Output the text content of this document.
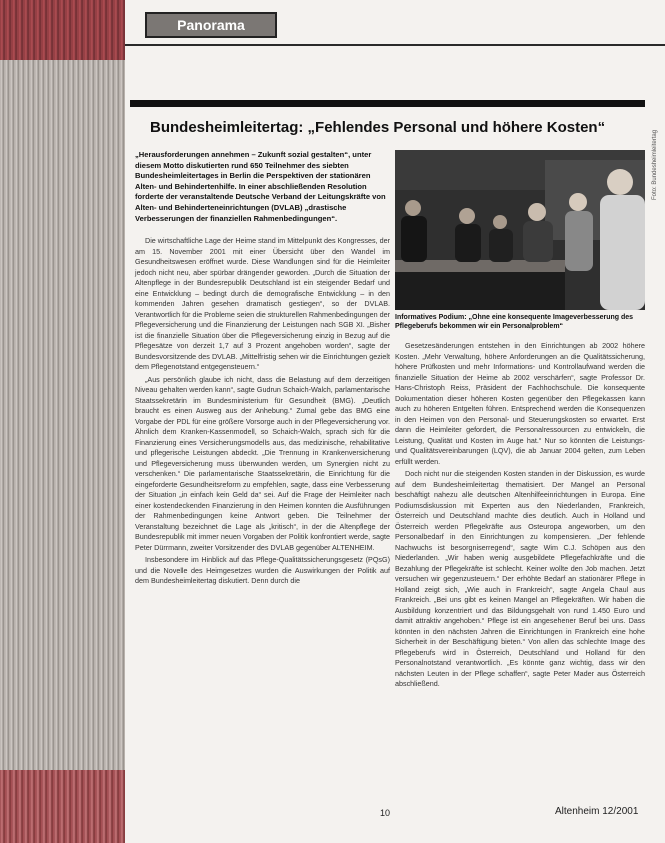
Panorama
Bundesheimleitertag: „Fehlendes Personal und höhere Kosten“

„Herausforderungen annehmen – Zukunft sozial gestalten“, unter diesem Motto diskutierten rund 650 Teilnehmer des siebten Bundesheimleitertages in Berlin die Perspektiven der stationären Alten- und Behindertenhilfe. In einer abschließenden Resolution forderte der veranstaltende Deutsche Verband der Leitungskräfte von Alten- und Behinderteneinrichtungen (DVLAB) „drastische Verbesserungen der finanziellen Rahmenbedingungen“.

Die wirtschaftliche Lage der Heime stand im Mittelpunkt des Kongresses, der am 15. November 2001 mit einer Übersicht über den Wandel im Gesundheitswesen eröffnet wurde. Diese Wandlungen sind für die Heimleiter jedoch nicht neu, aber spürbar drängender geworden. „Durch die Situation der Altenpflege in der Bundesrepublik Deutschland ist ein steigender Bedarf und eine Entwicklung – bedingt durch die demografische Entwicklung – in den kommenden Jahren gesehen dramatisch gestiegen“, so der DVLAB. Verantwortlich für die Probleme seien die strukturellen Rahmenbedingungen der Pflegeversicherung und die Finanzierung der Leistungen nach SGB XI. „Bisher ist die finanzielle Situation über die Pflegeversicherung einzig in Bezug auf die Pflegesätze von derzeit 1,7 auf 3 Prozent angehoben worden“, sagte der Bundesvorsitzende des DVLAB. „Mittelfristig sehen wir die Einrichtungen gezielt dem Pflegenotstand entgegensteuern.“

„Aus persönlich glaube ich nicht, dass die Belastung auf dem derzeitigen Niveau gehalten werden kann“, sagte Gudrun Schaich-Walch, parlamentarische Staatssekretärin im Bundesministerium für Gesundheit (BMG). „Deutlich braucht es einen Ausweg aus der Anhebung.“ Zumal gebe das BMG eine Vorgabe der PDL für eine größere Vorsorge auch in der Pflegeversicherung vor. Ähnlich dem Kranken-Kassenmodell, so Schaich-Walch, sprach sich für die Finanzierung eines Versicherungsmodells aus, das medizinische, rehabilitative und pflegerische Leistungen abdeckt. „Die Trennung in Krankenversicherung und Pflegeversicherung muss überwunden werden, um Synergien nicht zu verschenken.“ Die parlamentarische Staatssekretärin, die Einrichtung für die eingeforderte Gesundheitsreform zu empfehlen, sagte, dass eine Verbesserung der Situation „in einfach kein Geld da“ sei. Auf die Frage der Heimleiter nach einer kostendeckenden Finanzierung in den Heimen konnten die Ausführungen der Rahmenbedingungen keine Antwort geben. Die Teilnehmer der Veranstaltung bezeichnet die Lage als „kritisch“, in der die Altenpflege der Bundesrepublik mit immer neuen Vorgaben der Politik konfrontiert werde, sagte Peter Dürrmann, zweiter Vorsitzender des DVLAB gegenüber ALTENHEIM.

Insbesondere im Hinblick auf das Pflege-Qualitätssicherungsgesetz (PQsG) und die Novelle des Heimgesetzes wurden die Auswirkungen der Politik auf dem Bundesheimleitertag diskutiert. Denn durch die

Informatives Podium: „Ohne eine konsequente Imageverbesserung des Pflegeberufs bekommen wir ein Personalproblem“

Gesetzesänderungen entstehen in den Einrichtungen ab 2002 höhere Kosten. „Mehr Verwaltung, höhere Anforderungen an die Qualitätssicherung, höhere Prüfkosten und mehr Informations- und Kontrollaufwand werden die finanzielle Situation der Heime ab 2002 verschärfen“, sagte Professor Dr. Hans-Christoph Reiss, Präsident der Fachhochschule. Die konsequente Dokumentation dieser höheren Kosten gegenüber den Pflegekassen kann auch zu höheren Entgelten führen. Entsprechend werden die Konsequenzen in den Heimen von den Personal- und Steuerungskosten so erwartet. Erst dann die Heimleiter gefordert, die Personalressourcen zu entwickeln, die Leistung, Qualität und Kosten im Auge hat.“ Nur so könnten die Leistungs- und Qualitätsvereinbarungen (LQV), die ab Januar 2004 gelten, zum Leben erfüllt werden.

Doch nicht nur die steigenden Kosten standen in der Diskussion, es wurde auf dem Bundesheimleitertag thematisiert. Der Mangel an Personal beschäftigt nahezu alle deutschen Altenhilfeeinrichtungen in Europa. Eine Podiumsdiskussion mit Experten aus den Niederlanden, Frankreich, Österreich und Deutschland machte dies deutlich. Auch in Holland und Österreich werden Pflegekräfte aus Osteuropa angeworben, um den Personalbedarf in den Einrichtungen zu kompensieren. „Der fehlende Nachwuchs ist besorgniserregend“, sagte Wim C.J. Schöpen aus den Niederlanden. „Wir haben wenig ausgebildete Pflegefachkräfte und die Bezahlung der Pflegekräfte ist schlecht. Keiner wollte den Job machen. Jetzt versuchen wir gegenzusteuern.“ Der erhöhte Bedarf an stationärer Pflege in Holland zeigt sich, „Wie auch in Frankreich“, sagte Angela Chaul aus Frankreich. „Bei uns gibt es keinen Mangel an Pflegekräften. Wir haben die Ausbildung konzentriert und das Bildungsgehalt von rund 1.450 Euro und damit attraktiv angehoben.“ Pflege ist ein angesehener Beruf bei uns. Dass könnten in den nächsten Jahren die Einrichtungen in Frankreich eine hohe Sicherheit in der Beschäftigung bieten.“ Von allen das schlechte Image des Pflegeberufs wird in Österreich, Deutschland und Holland für den Personalnotstand verantwortlich. „Es könnte ganz wichtig, dass wir den nächsten Leuten in der Pflege schaffen“, sagte Peter Mader aus Österreich abschließend.

Foto: Bundesheimleitertag
10	Altenheim 12/2001
